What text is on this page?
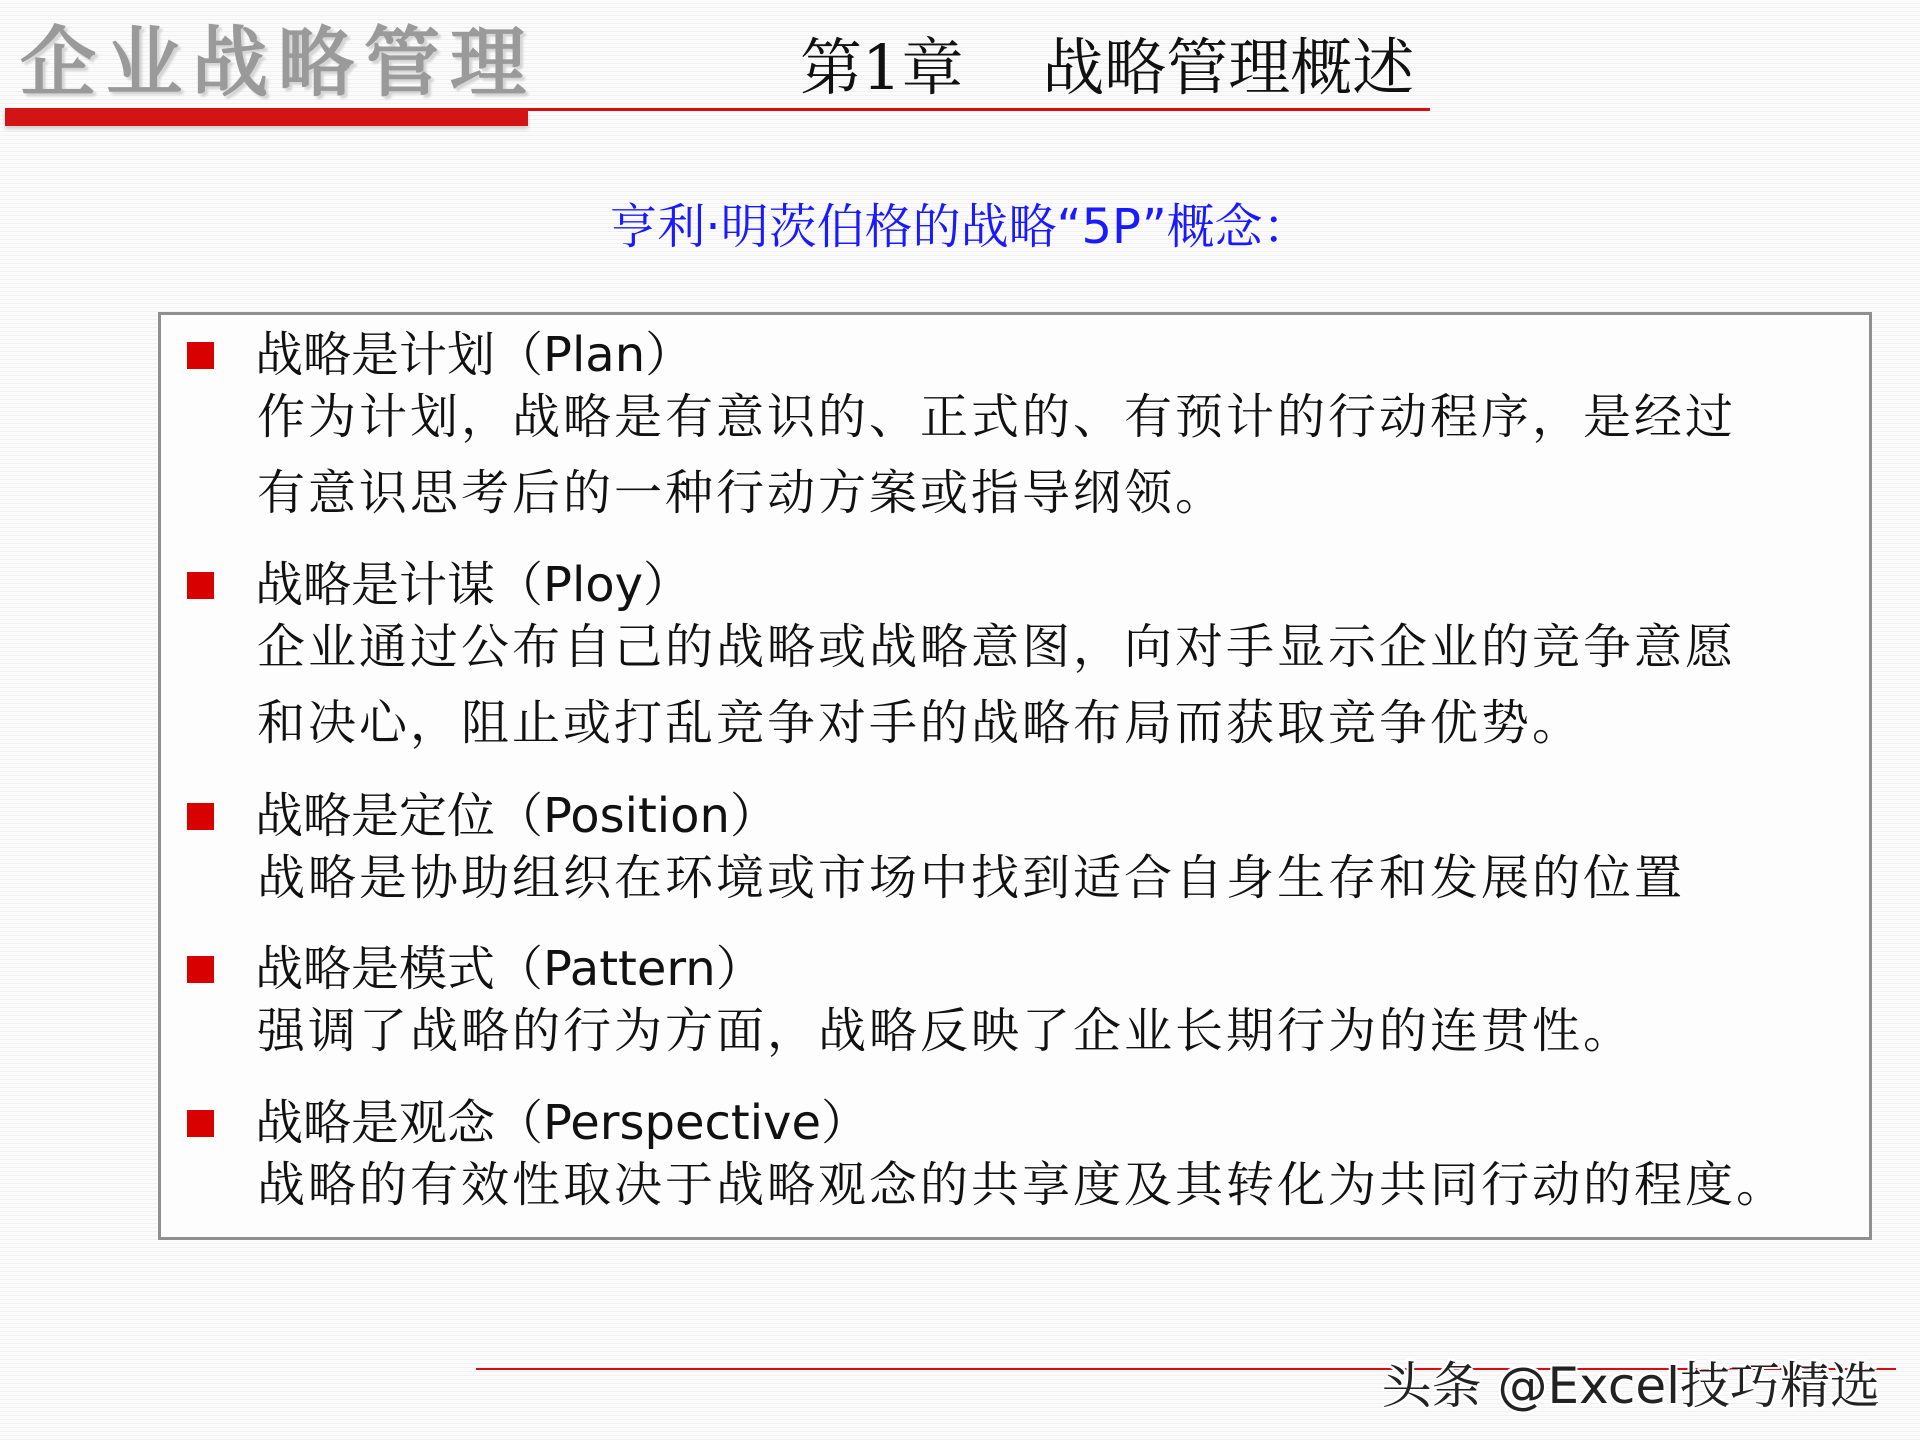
企业战略管理	第1章    战略管理概述
亨利·明茨伯格的战略“5P”概念：
战略是计划（Plan）
作为计划，战略是有意识的、正式的、有预计的行动程序，是经过
有意识思考后的一种行动方案或指导纲领。
战略是计谋（Ploy）
企业通过公布自己的战略或战略意图，向对手显示企业的竞争意愿
和决心，阻止或打乱竞争对手的战略布局而获取竞争优势。
战略是定位（Position）
战略是协助组织在环境或市场中找到适合自身生存和发展的位置
战略是模式（Pattern）
强调了战略的行为方面，战略反映了企业长期行为的连贯性。
战略是观念（Perspective）
战略的有效性取决于战略观念的共享度及其转化为共同行动的程度。
头条 @Excel技巧精选
